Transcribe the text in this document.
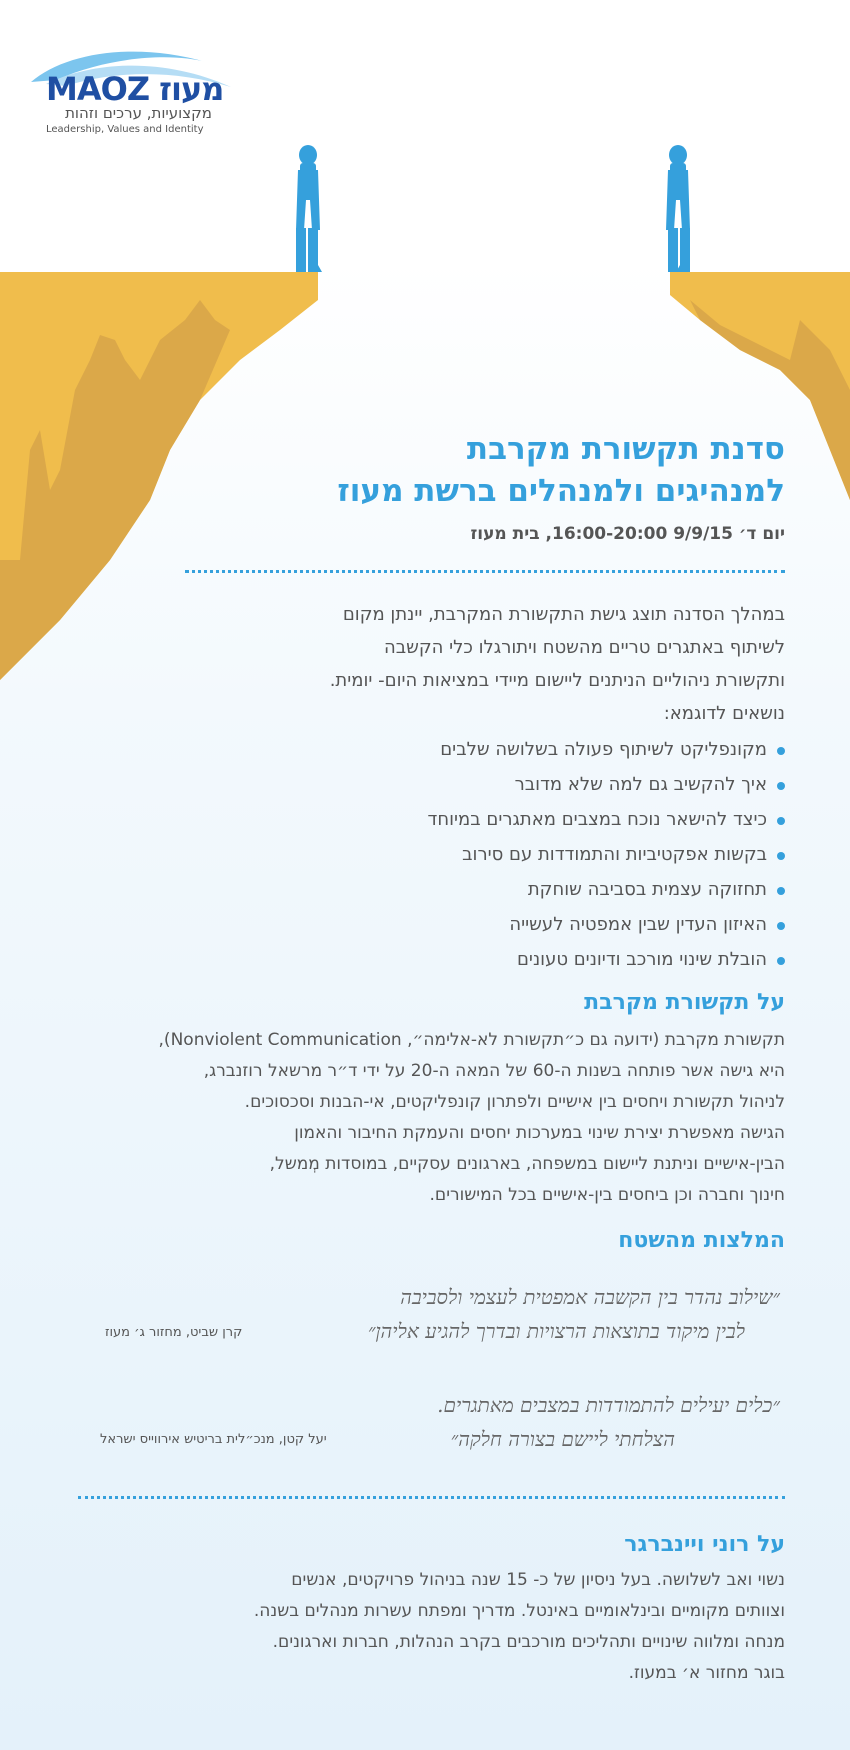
MAOZ מעוז
מקצועיות, ערכים וזהות
Leadership, Values and Identity
סדנת תקשורת מקרבת
למנהיגים ולמנהלים ברשת מעוז
יום ד׳ 9/9/15 16:00-20:00, בית מעוז
במהלך הסדנה תוצג גישת התקשורת המקרבת, יינתן מקום
לשיתוף באתגרים טריים מהשטח ויתורגלו כלי הקשבה
ותקשורת ניהוליים הניתנים ליישום מיידי במציאות היום- יומית.
נושאים לדוגמא:
מקונפליקט לשיתוף פעולה בשלושה שלבים
איך להקשיב גם למה שלא מדובר
כיצד להישאר נוכח במצבים מאתגרים במיוחד
בקשות אפקטיביות והתמודדות עם סירוב
תחזוקה עצמית בסביבה שוחקת
האיזון העדין שבין אמפטיה לעשייה
הובלת שינוי מורכב ודיונים טעונים
על תקשורת מקרבת
תקשורת מקרבת (ידועה גם כ״תקשורת לא-אלימה״, Nonviolent Communication),
היא גישה אשר פותחה בשנות ה-60 של המאה ה-20 על ידי ד״ר מרשאל רוזנברג,
לניהול תקשורת ויחסים בין אישיים ולפתרון קונפליקטים, אי-הבנות וסכסוכים.
הגישה מאפשרת יצירת שינוי במערכות יחסים והעמקת החיבור והאמון
הבין-אישיים וניתנת ליישום במשפחה, בארגונים עסקיים, במוסדות מְמשל,
חינוך וחברה וכן ביחסים בין-אישיים בכל המישורים.
המלצות מהשטח
״שילוב נהדר בין הקשבה אמפטית לעצמי ולסביבה
לבין מיקוד בתוצאות הרצויות ובדרך להגיע אליהן״
קרן שביט, מחזור ג׳ מעוז
״כלים יעילים להתמודדות במצבים מאתגרים.
הצלחתי ליישם בצורה חלקה״
יעל קטן, מנכ״לית בריטיש אירווייס ישראל
על רוני ויינברגר
נשוי ואב לשלושה. בעל ניסיון של כ- 15 שנה בניהול פרויקטים, אנשים
וצוותים מקומיים ובינלאומיים באינטל. מדריך ומפתח עשרות מנהלים בשנה.
מנחה ומלווה שינויים ותהליכים מורכבים בקרב הנהלות, חברות וארגונים.
בוגר מחזור א׳ במעוז.
